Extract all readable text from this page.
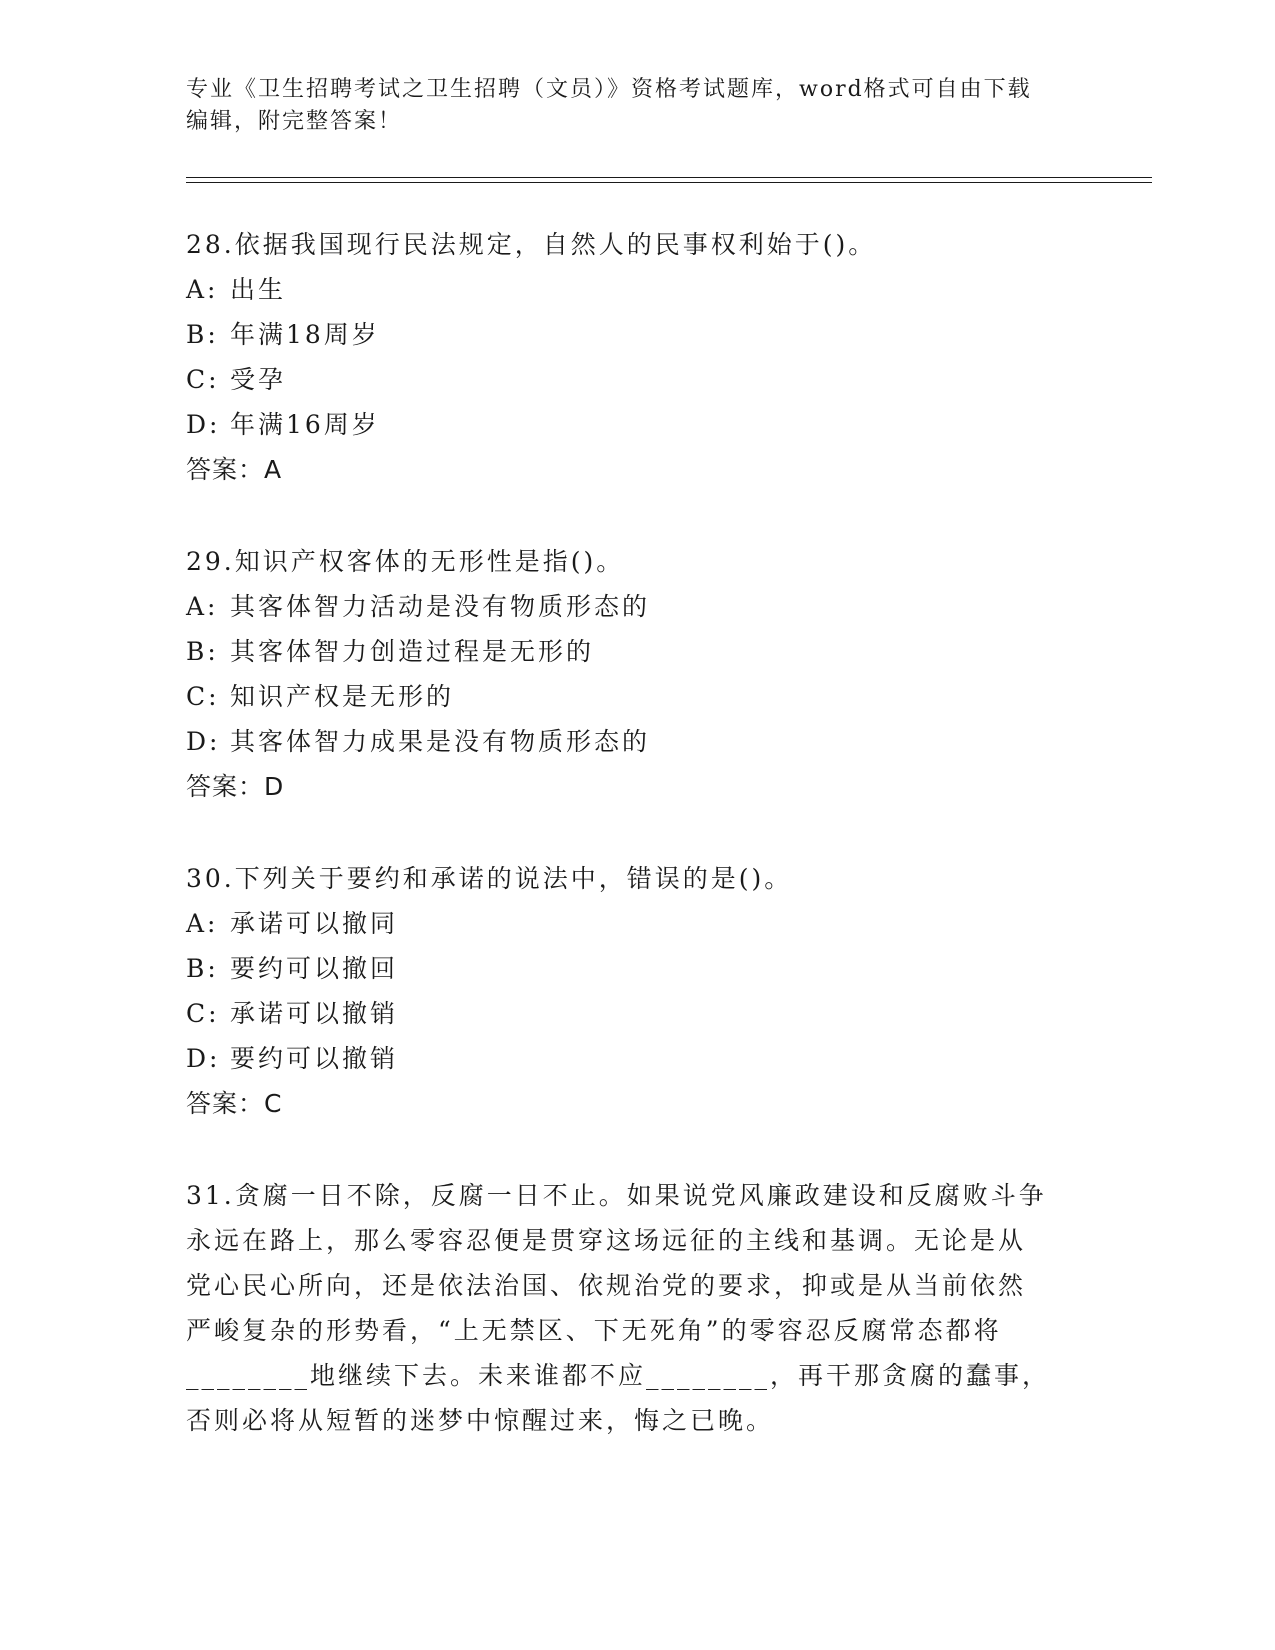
专业《卫生招聘考试之卫生招聘（文员）》资格考试题库，word格式可自由下载
编辑，附完整答案！

28.依据我国现行民法规定，自然人的民事权利始于()。

A: 出生

B: 年满18周岁

C: 受孕

D: 年满16周岁

答案：A

29.知识产权客体的无形性是指()。

A: 其客体智力活动是没有物质形态的

B: 其客体智力创造过程是无形的

C: 知识产权是无形的

D: 其客体智力成果是没有物质形态的

答案：D

30.下列关于要约和承诺的说法中，错误的是()。

A: 承诺可以撤同

B: 要约可以撤回

C: 承诺可以撤销

D: 要约可以撤销

答案：C

31.贪腐一日不除，反腐一日不止。如果说党风廉政建设和反腐败斗争

永远在路上，那么零容忍便是贯穿这场远征的主线和基调。无论是从

党心民心所向，还是依法治国、依规治党的要求，抑或是从当前依然

严峻复杂的形势看，“上无禁区、下无死角”的零容忍反腐常态都将

________地继续下去。未来谁都不应________，再干那贪腐的蠢事，

否则必将从短暂的迷梦中惊醒过来，悔之已晚。
